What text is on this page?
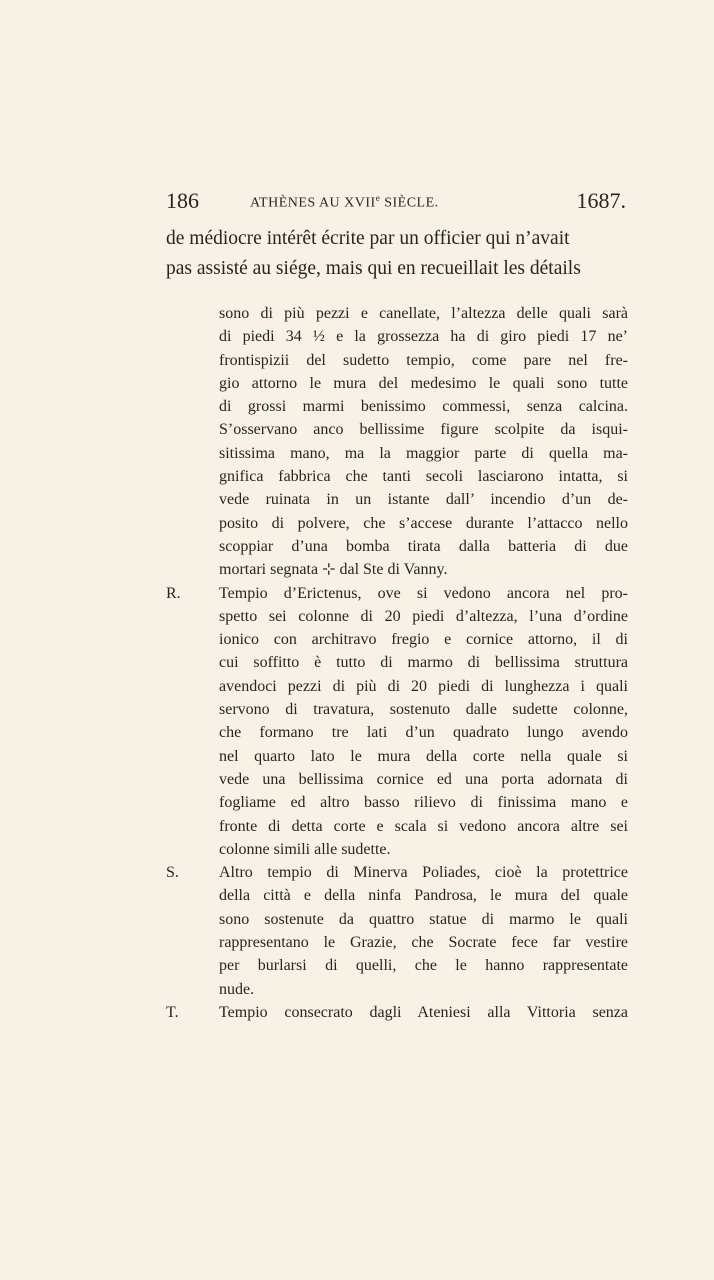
186	ATHÈNES AU XVIIe SIÈCLE.	1687.
de médiocre intérêt écrite par un officier qui n’avait
pas assisté au siége, mais qui en recueillait les détails
sono di più pezzi e canellate, l’altezza delle quali sarà
di piedi 34 ½ e la grossezza ha di giro piedi 17 ne’
frontispizii del sudetto tempio, come pare nel fre-
gio attorno le mura del medesimo le quali sono tutte
di grossi marmi benissimo commessi, senza calcina.
S’osservano anco bellissime figure scolpite da isqui-
sitissima mano, ma la maggior parte di quella ma-
gnifica fabbrica che tanti secoli lasciarono intatta, si
vede ruinata in un istante dall’ incendio d’un de-
posito di polvere, che s’accese durante l’attacco nello
scoppiar d’una bomba tirata dalla batteria di due
mortari segnata ⊹ dal Ste di Vanny.
R. Tempio d’Erictenus, ove si vedono ancora nel pro-
spetto sei colonne di 20 piedi d’altezza, l’una d’ordine
ionico con architravo fregio e cornice attorno, il di
cui soffitto è tutto di marmo di bellissima struttura
avendoci pezzi di più di 20 piedi di lunghezza i quali
servono di travatura, sostenuto dalle sudette colonne,
che formano tre lati d’un quadrato lungo avendo
nel quarto lato le mura della corte nella quale si
vede una bellissima cornice ed una porta adornata di
fogliame ed altro basso rilievo di finissima mano e
fronte di detta corte e scala si vedono ancora altre sei
colonne simili alle sudette.
S.	Altro tempio di Minerva Poliades, cioè la protettrice
della città e della ninfa Pandrosa, le mura del quale
sono sostenute da quattro statue di marmo le quali
rappresentano le Grazie, che Socrate fece far vestire
per burlarsi di quelli, che le hanno rappresentate
nude.
T.	Tempio consecrato dagli Ateniesi alla Vittoria senza
